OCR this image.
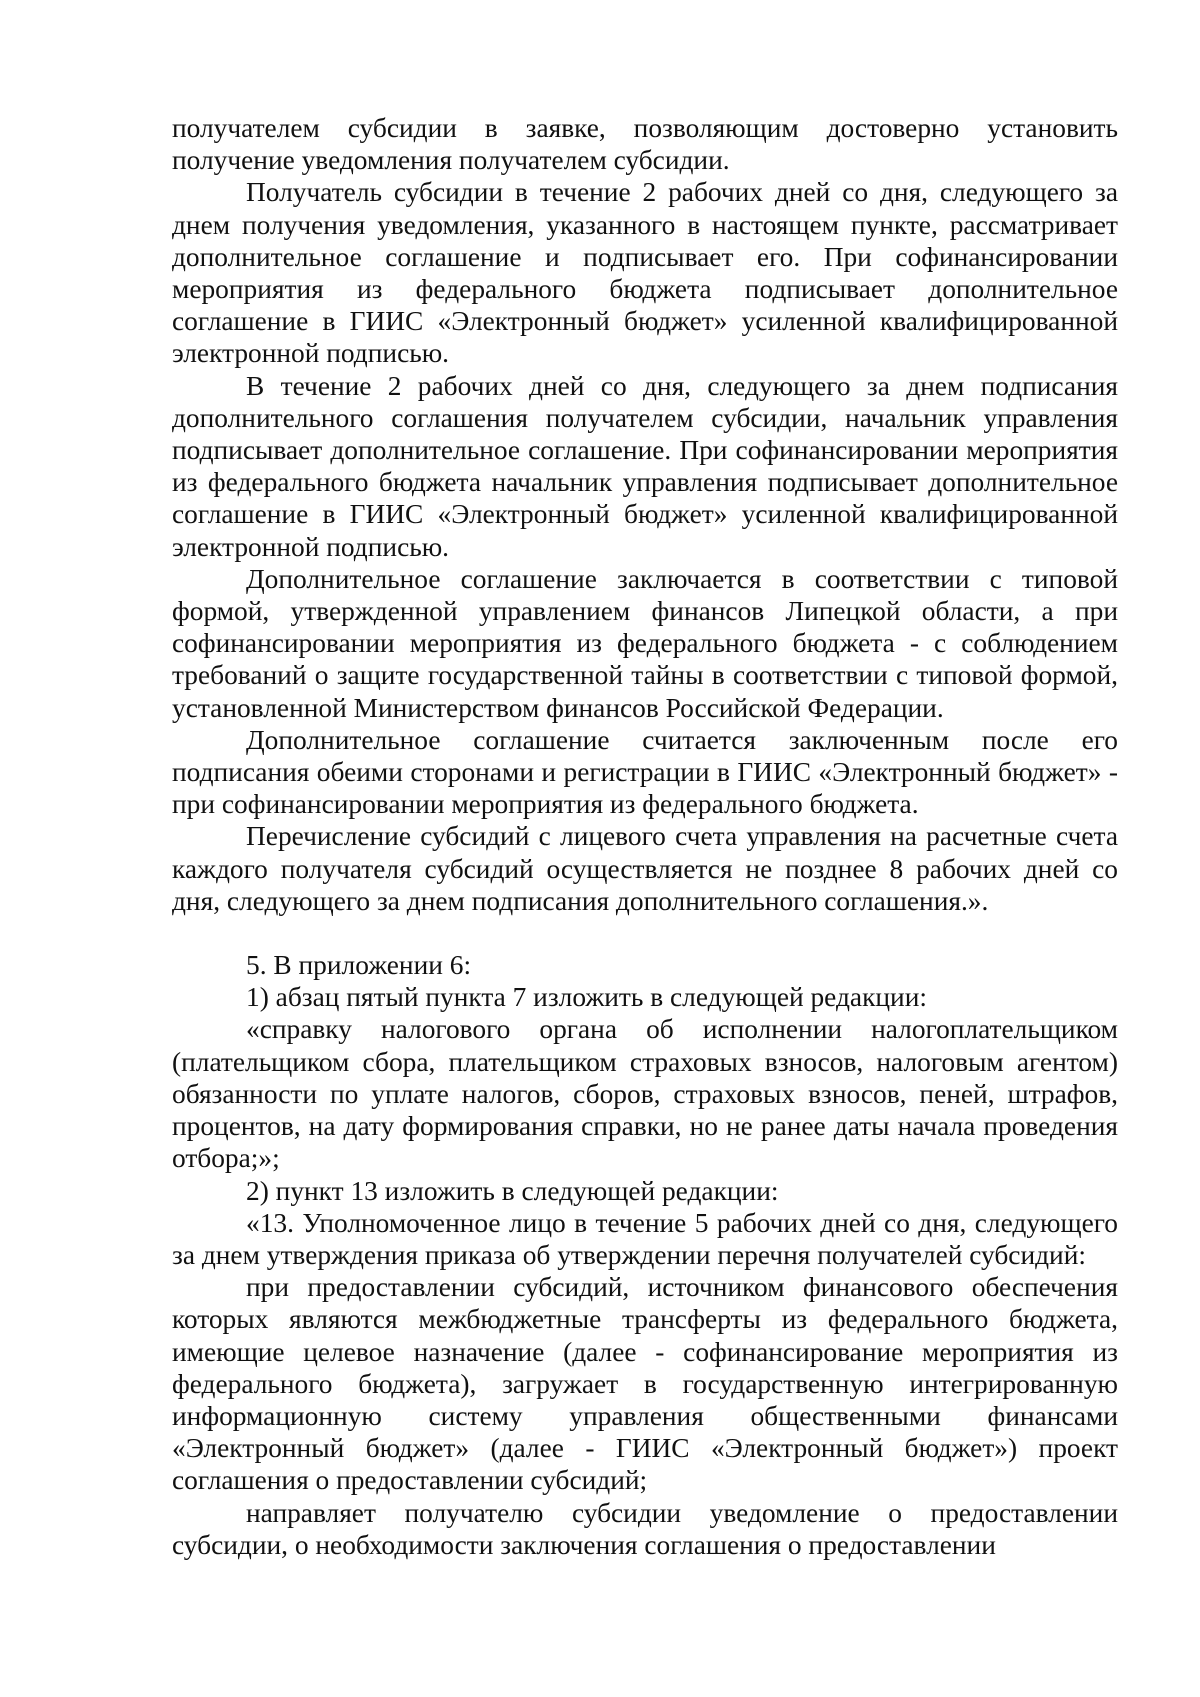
получателем субсидии в заявке, позволяющим достоверно установить получение уведомления получателем субсидии.

Получатель субсидии в течение 2 рабочих дней со дня, следующего за днем получения уведомления, указанного в настоящем пункте, рассматривает дополнительное соглашение и подписывает его. При софинансировании мероприятия из федерального бюджета подписывает дополнительное соглашение в ГИИС «Электронный бюджет» усиленной квалифицированной электронной подписью.

В течение 2 рабочих дней со дня, следующего за днем подписания дополнительного соглашения получателем субсидии, начальник управления подписывает дополнительное соглашение. При софинансировании мероприятия из федерального бюджета начальник управления подписывает дополнительное соглашение в ГИИС «Электронный бюджет» усиленной квалифицированной электронной подписью.

Дополнительное соглашение заключается в соответствии с типовой формой, утвержденной управлением финансов Липецкой области, а при софинансировании мероприятия из федерального бюджета - с соблюдением требований о защите государственной тайны в соответствии с типовой формой, установленной Министерством финансов Российской Федерации.

Дополнительное соглашение считается заключенным после его подписания обеими сторонами и регистрации в ГИИС «Электронный бюджет» - при софинансировании мероприятия из федерального бюджета.

Перечисление субсидий с лицевого счета управления на расчетные счета каждого получателя субсидий осуществляется не позднее 8 рабочих дней со дня, следующего за днем подписания дополнительного соглашения.».

5. В приложении 6:

1) абзац пятый пункта 7 изложить в следующей редакции:

«справку налогового органа об исполнении налогоплательщиком (плательщиком сбора, плательщиком страховых взносов, налоговым агентом) обязанности по уплате налогов, сборов, страховых взносов, пеней, штрафов, процентов, на дату формирования справки, но не ранее даты начала проведения отбора;»;

2) пункт 13 изложить в следующей редакции:

«13. Уполномоченное лицо в течение 5 рабочих дней со дня, следующего за днем утверждения приказа об утверждении перечня получателей субсидий:

при предоставлении субсидий, источником финансового обеспечения которых являются межбюджетные трансферты из федерального бюджета, имеющие целевое назначение (далее - софинансирование мероприятия из федерального бюджета), загружает в государственную интегрированную информационную систему управления общественными финансами «Электронный бюджет» (далее - ГИИС «Электронный бюджет») проект соглашения о предоставлении субсидий;

направляет получателю субсидии уведомление о предоставлении субсидии, о необходимости заключения соглашения о предоставлении
